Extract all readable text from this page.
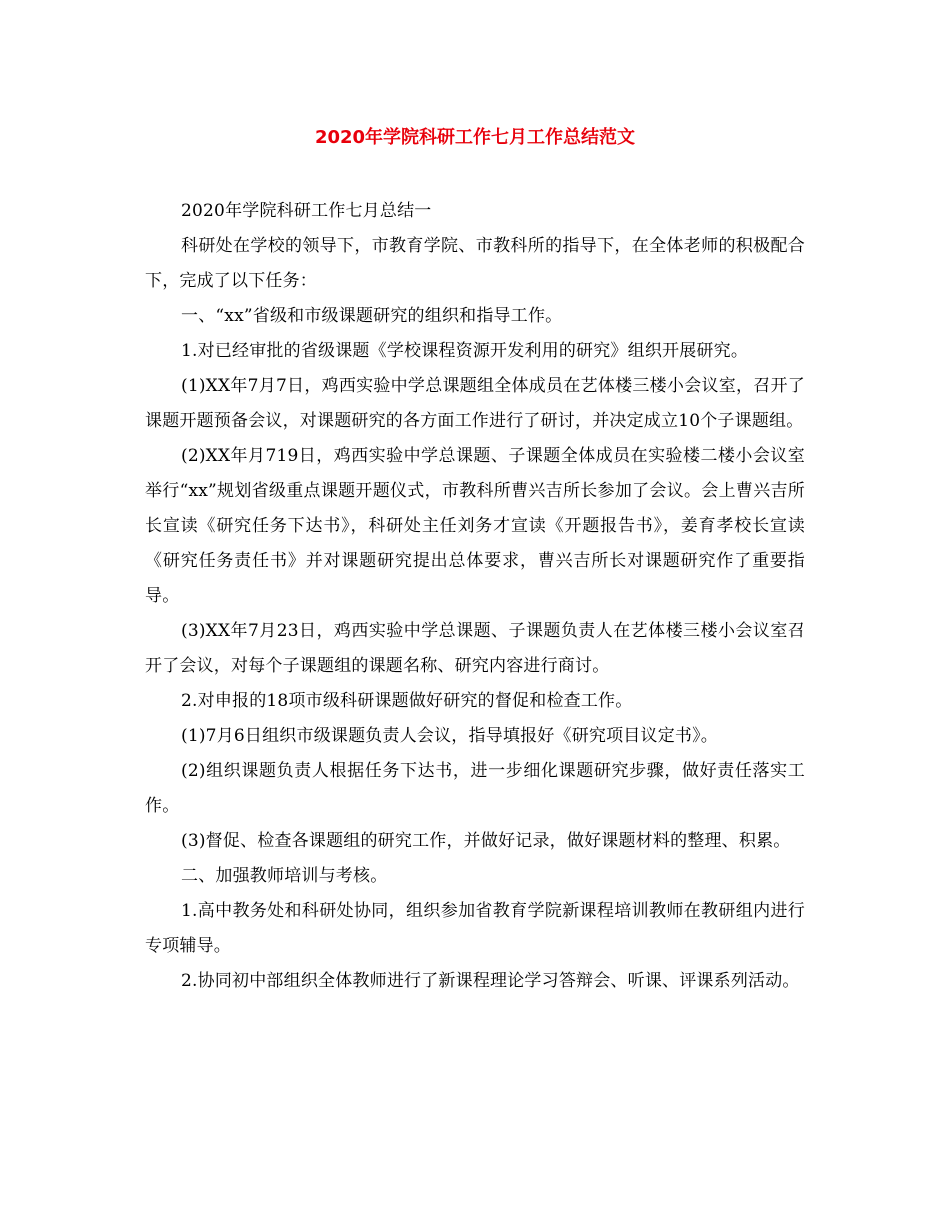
2020年学院科研工作七月工作总结范文

2020年学院科研工作七月总结一

科研处在学校的领导下，市教育学院、市教科所的指导下，在全体老师的积极配合下，完成了以下任务：

一、“xx”省级和市级课题研究的组织和指导工作。

1.对已经审批的省级课题《学校课程资源开发利用的研究》组织开展研究。

(1)XX年7月7日，鸡西实验中学总课题组全体成员在艺体楼三楼小会议室，召开了课题开题预备会议，对课题研究的各方面工作进行了研讨，并决定成立10个子课题组。

(2)XX年月719日，鸡西实验中学总课题、子课题全体成员在实验楼二楼小会议室举行“xx”规划省级重点课题开题仪式，市教科所曹兴吉所长参加了会议。会上曹兴吉所长宣读《研究任务下达书》，科研处主任刘务才宣读《开题报告书》，姜育孝校长宣读《研究任务责任书》并对课题研究提出总体要求，曹兴吉所长对课题研究作了重要指导。

(3)XX年7月23日，鸡西实验中学总课题、子课题负责人在艺体楼三楼小会议室召开了会议，对每个子课题组的课题名称、研究内容进行商讨。

2.对申报的18项市级科研课题做好研究的督促和检查工作。

(1)7月6日组织市级课题负责人会议，指导填报好《研究项目议定书》。

(2)组织课题负责人根据任务下达书，进一步细化课题研究步骤，做好责任落实工作。

(3)督促、检查各课题组的研究工作，并做好记录，做好课题材料的整理、积累。

二、加强教师培训与考核。

1.高中教务处和科研处协同，组织参加省教育学院新课程培训教师在教研组内进行专项辅导。

2.协同初中部组织全体教师进行了新课程理论学习答辩会、听课、评课系列活动。
